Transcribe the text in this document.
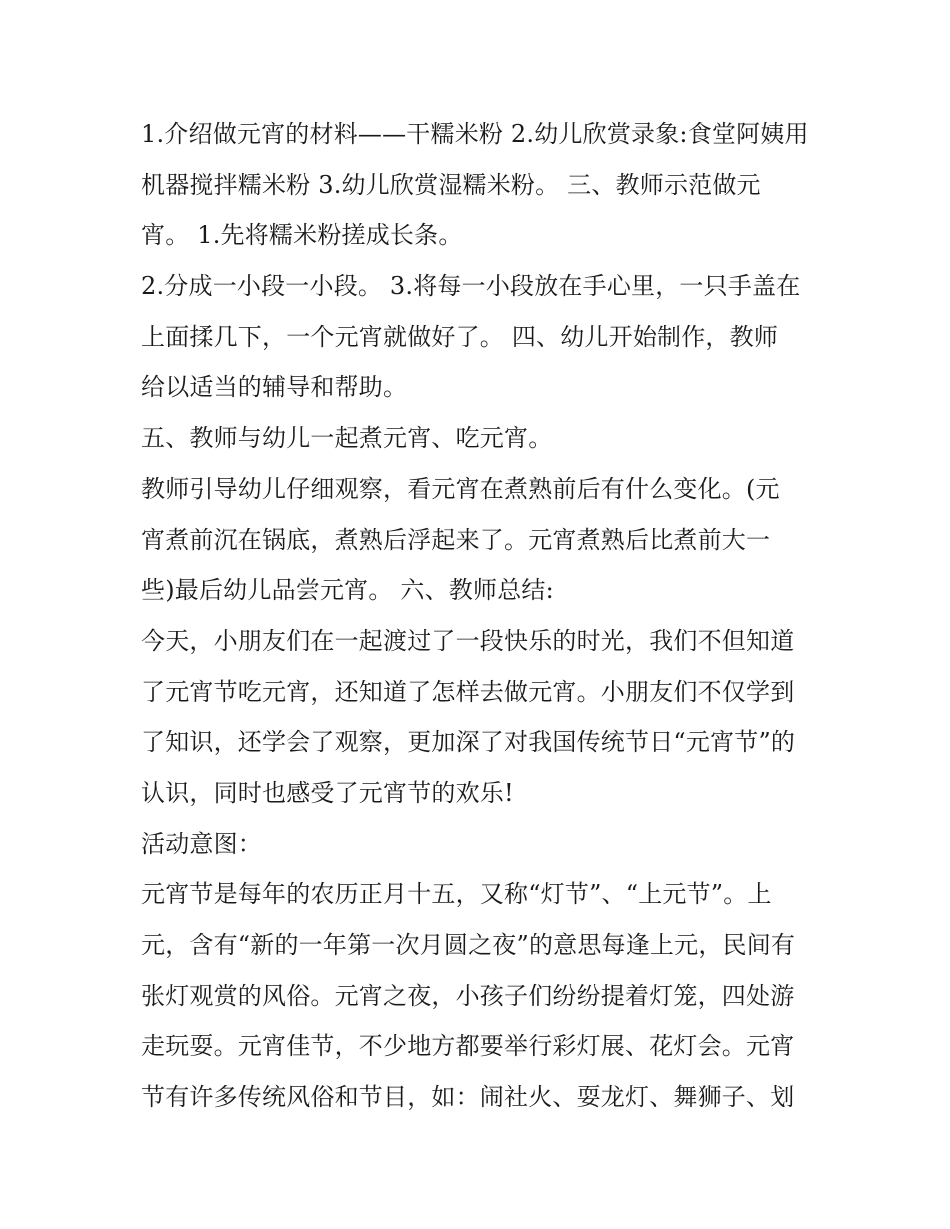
1.介绍做元宵的材料——干糯米粉 2.幼儿欣赏录象:食堂阿姨用
机器搅拌糯米粉 3.幼儿欣赏湿糯米粉。 三、教师示范做元
宵。 1.先将糯米粉搓成长条。
2.分成一小段一小段。 3.将每一小段放在手心里，一只手盖在
上面揉几下，一个元宵就做好了。 四、幼儿开始制作，教师
给以适当的辅导和帮助。
五、教师与幼儿一起煮元宵、吃元宵。
教师引导幼儿仔细观察，看元宵在煮熟前后有什么变化。(元
宵煮前沉在锅底，煮熟后浮起来了。元宵煮熟后比煮前大一
些)最后幼儿品尝元宵。 六、教师总结:
今天，小朋友们在一起渡过了一段快乐的时光，我们不但知道
了元宵节吃元宵，还知道了怎样去做元宵。小朋友们不仅学到
了知识，还学会了观察，更加深了对我国传统节日“元宵节”的
认识，同时也感受了元宵节的欢乐!
活动意图：
元宵节是每年的农历正月十五，又称“灯节”、“上元节”。上
元，含有“新的一年第一次月圆之夜”的意思每逢上元，民间有
张灯观赏的风俗。元宵之夜，小孩子们纷纷提着灯笼，四处游
走玩耍。元宵佳节，不少地方都要举行彩灯展、花灯会。元宵
节有许多传统风俗和节目，如：闹社火、耍龙灯、舞狮子、划
